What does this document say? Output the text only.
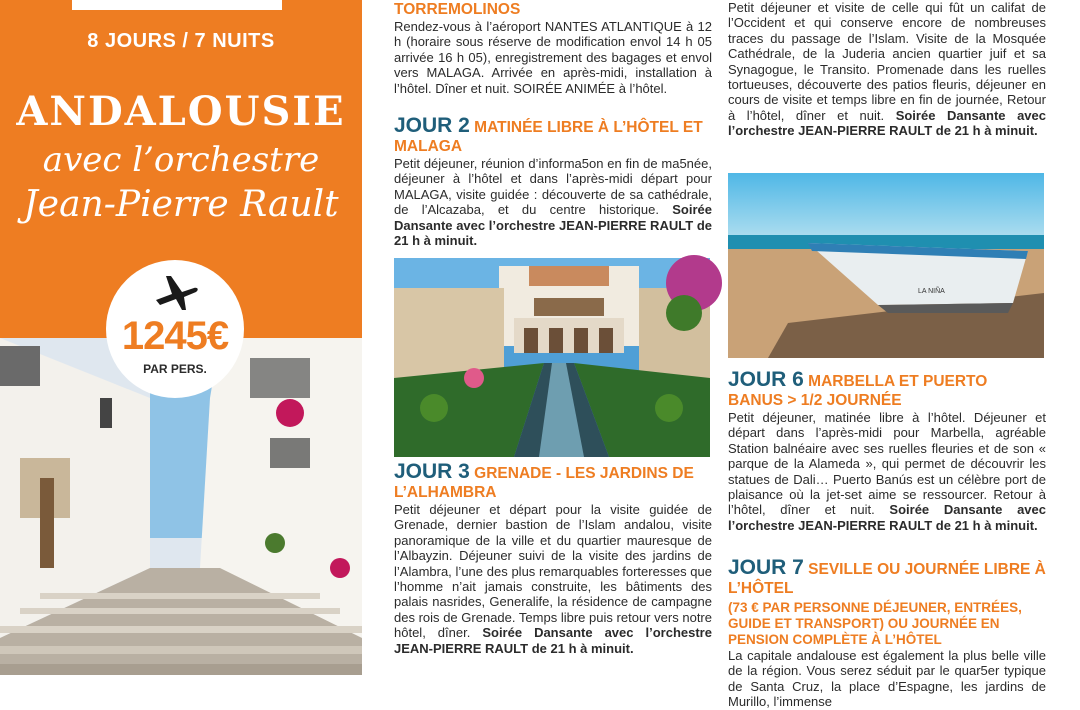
8 JOURS / 7 NUITS
ANDALOUSIE
avec l’orchestre
Jean-Pierre Rault
1245€
PAR PERS.
TORREMOLINOS

Rendez-vous à l’aéroport NANTES ATLANTIQUE à 12 h (horaire sous réserve de modification envol 14 h 05 arrivée 16 h 05), enregistrement des bagages et envol vers MALAGA. Arrivée en après-midi, installation à l’hôtel. Dîner et nuit. SOIRÉE ANIMÉE à l’hôtel.

JOUR 2 MATINÉE LIBRE À L’HÔTEL ET MALAGA

Petit déjeuner, réunion d’informa5on en fin de ma5née, déjeuner à l’hôtel et dans l’après-midi départ pour MALAGA, visite guidée : découverte de sa cathédrale, de l’Alcazaba, et du centre historique. Soirée Dansante avec l’orchestre JEAN-PIERRE RAULT de 21 h à minuit.

JOUR 3 GRENADE - LES JARDINS DE L’ALHAMBRA

Petit déjeuner et départ pour la visite guidée de Grenade, dernier bastion de l’Islam andalou, visite panoramique de la ville et du quartier mauresque de l’Albayzin. Déjeuner suivi de la visite des jardins de l’Alambra, l’une des plus remarquables forteresses que l’homme n’ait jamais construite, les bâtiments des palais nasrides, Generalife, la résidence de campagne des rois de Grenade. Temps libre puis retour vers notre hôtel, dîner. Soirée Dansante avec l’orchestre JEAN-PIERRE RAULT de 21 h à minuit.

Petit déjeuner et visite de celle qui fût un califat de l’Occident et qui conserve encore de nombreuses traces du passage de l’Islam. Visite de la Mosquée Cathédrale, de la Juderia ancien quartier juif et sa Synagogue, le Transito. Promenade dans les ruelles tortueuses, découverte des patios fleuris, déjeuner en cours de visite et temps libre en fin de journée, Retour à l’hôtel, dîner et nuit. Soirée Dansante avec l’orchestre JEAN-PIERRE RAULT de 21 h à minuit.

LA NIÑA
JOUR 6 MARBELLA ET PUERTO BANUS > 1/2 JOURNÉE

Petit déjeuner, matinée libre à l’hôtel. Déjeuner et départ dans l’après-midi pour Marbella, agréable Station balnéaire avec ses ruelles fleuries et de son « parque de la Alameda », qui permet de découvrir les statues de Dali… Puerto Banús est un célèbre port de plaisance où la jet-set aime se ressourcer. Retour à l’hôtel, dîner et nuit. Soirée Dansante avec l’orchestre JEAN-PIERRE RAULT de 21 h à minuit.

JOUR 7 SEVILLE OU JOURNÉE LIBRE À L’HÔTEL
(73 € PAR PERSONNE DÉJEUNER, ENTRÉES, GUIDE ET TRANSPORT) OU JOURNÉE EN PENSION COMPLÈTE À L’HÔTEL

La capitale andalouse est également la plus belle ville de la région. Vous serez séduit par le quar5er typique de Santa Cruz, la place d’Espagne, les jardins de Murillo, l’immense
